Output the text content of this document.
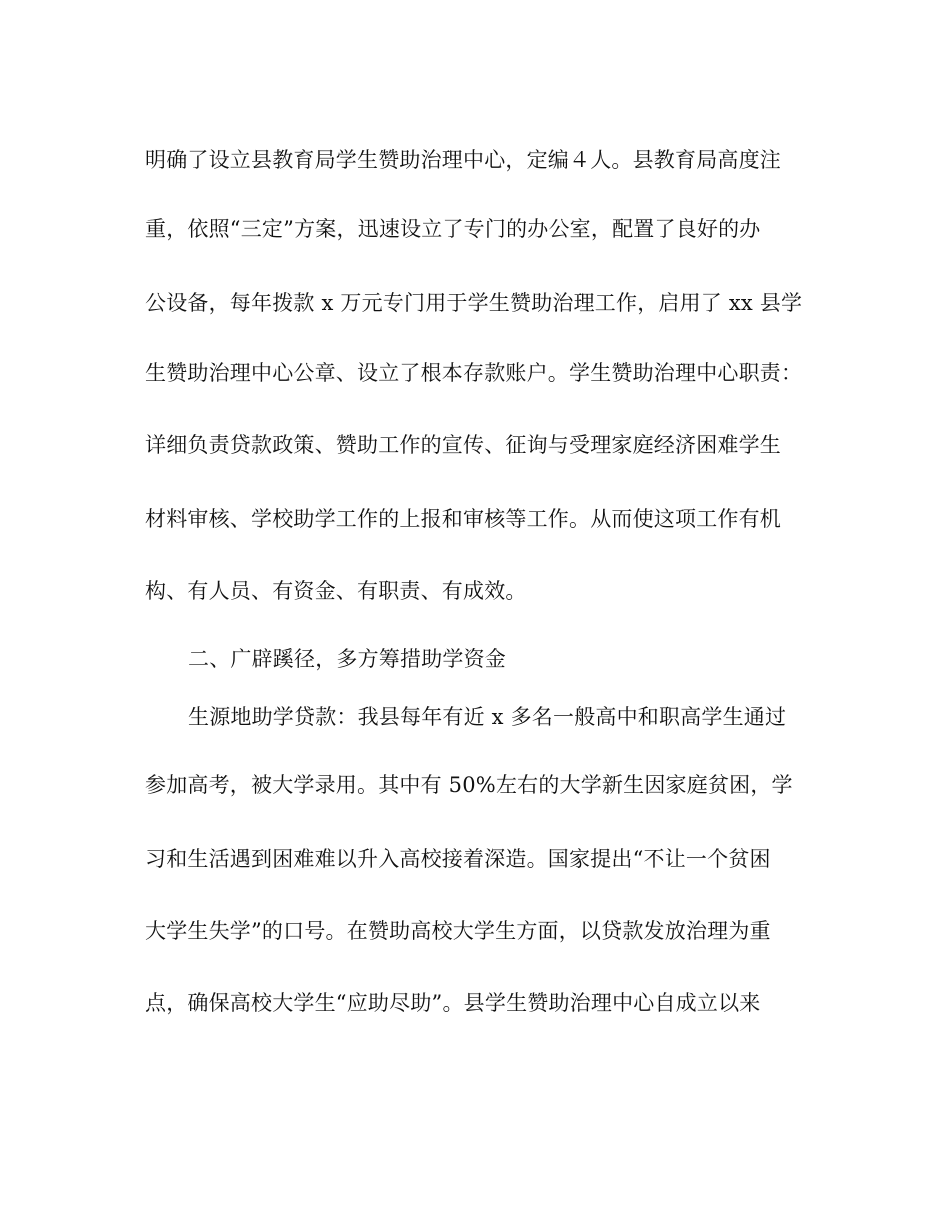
明确了设立县教育局学生赞助治理中心，定编４人。县教育局高度注
重，依照“三定”方案，迅速设立了专门的办公室，配置了良好的办
公设备，每年拨款 x 万元专门用于学生赞助治理工作，启用了 xx 县学
生赞助治理中心公章、设立了根本存款账户。学生赞助治理中心职责：
详细负责贷款政策、赞助工作的宣传、征询与受理家庭经济困难学生
材料审核、学校助学工作的上报和审核等工作。从而使这项工作有机
构、有人员、有资金、有职责、有成效。
二、广辟蹊径，多方筹措助学资金
生源地助学贷款：我县每年有近 x 多名一般高中和职高学生通过
参加高考，被大学录用。其中有 50%左右的大学新生因家庭贫困，学
习和生活遇到困难难以升入高校接着深造。国家提出“不让一个贫困
大学生失学”的口号。在赞助高校大学生方面，以贷款发放治理为重
点，确保高校大学生“应助尽助”。县学生赞助治理中心自成立以来
